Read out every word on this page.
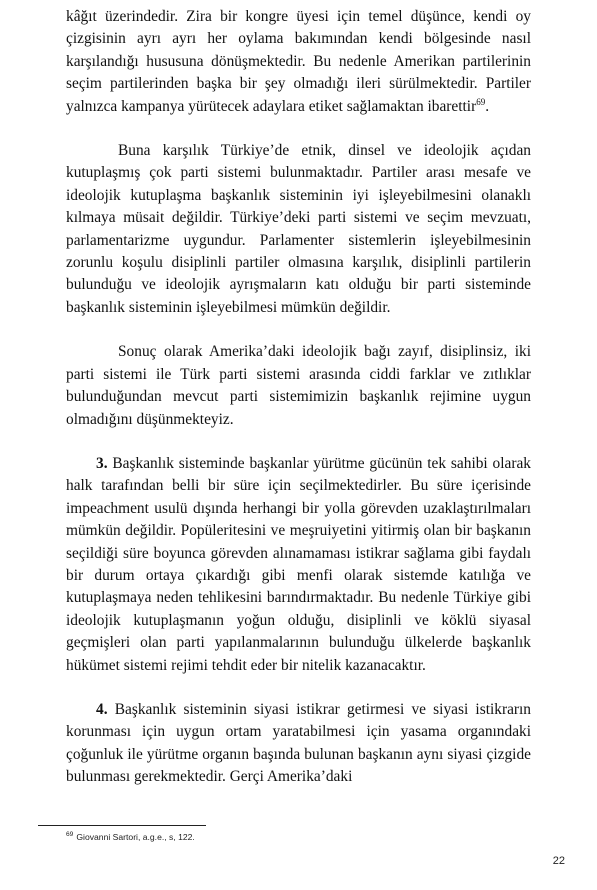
kâğıt üzerindedir. Zira bir kongre üyesi için temel düşünce, kendi oy çizgisinin ayrı ayrı her oylama bakımından kendi bölgesinde nasıl karşılandığı hususuna dönüşmektedir. Bu nedenle Amerikan partilerinin seçim partilerinden başka bir şey olmadığı ileri sürülmektedir. Partiler yalnızca kampanya yürütecek adaylara etiket sağlamaktan ibarettir$^{69}$.

Buna karşılık Türkiye’de etnik, dinsel ve ideolojik açıdan kutuplaşmış çok parti sistemi bulunmaktadır. Partiler arası mesafe ve ideolojik kutuplaşma başkanlık sisteminin iyi işleyebilmesini olanaklı kılmaya müsait değildir. Türkiye’deki parti sistemi ve seçim mevzuatı, parlamentarizme uygundur. Parlamenter sistemlerin işleyebilmesinin zorunlu koşulu disiplinli partiler olmasına karşılık, disiplinli partilerin bulunduğu ve ideolojik ayrışmaların katı olduğu bir parti sisteminde başkanlık sisteminin işleyebilmesi mümkün değildir.

Sonuç olarak Amerika’daki ideolojik bağı zayıf, disiplinsiz, iki parti sistemi ile Türk parti sistemi arasında ciddi farklar ve zıtlıklar bulunduğundan mevcut parti sistemimizin başkanlık rejimine uygun olmadığını düşünmekteyiz.

3. Başkanlık sisteminde başkanlar yürütme gücünün tek sahibi olarak halk tarafından belli bir süre için seçilmektedirler. Bu süre içerisinde impeachment usulü dışında herhangi bir yolla görevden uzaklaştırılmaları mümkün değildir. Popüleritesini ve meşruiyetini yitirmiş olan bir başkanın seçildiği süre boyunca görevden alınamaması istikrar sağlama gibi faydalı bir durum ortaya çıkardığı gibi menfi olarak sistemde katılığa ve kutuplaşmaya neden tehlikesini barındırmaktadır. Bu nedenle Türkiye gibi ideolojik kutuplaşmanın yoğun olduğu, disiplinli ve köklü siyasal geçmişleri olan parti yapılanmalarının bulunduğu ülkelerde başkanlık hükümet sistemi rejimi tehdit eder bir nitelik kazanacaktır.

4. Başkanlık sisteminin siyasi istikrar getirmesi ve siyasi istikrarın korunması için uygun ortam yaratabilmesi için yasama organındaki çoğunluk ile yürütme organın başında bulunan başkanın aynı siyasi çizgide bulunması gerekmektedir. Gerçi Amerika’daki

$^{69}$ Giovanni Sartori, a.g.e., s, 122.
22
